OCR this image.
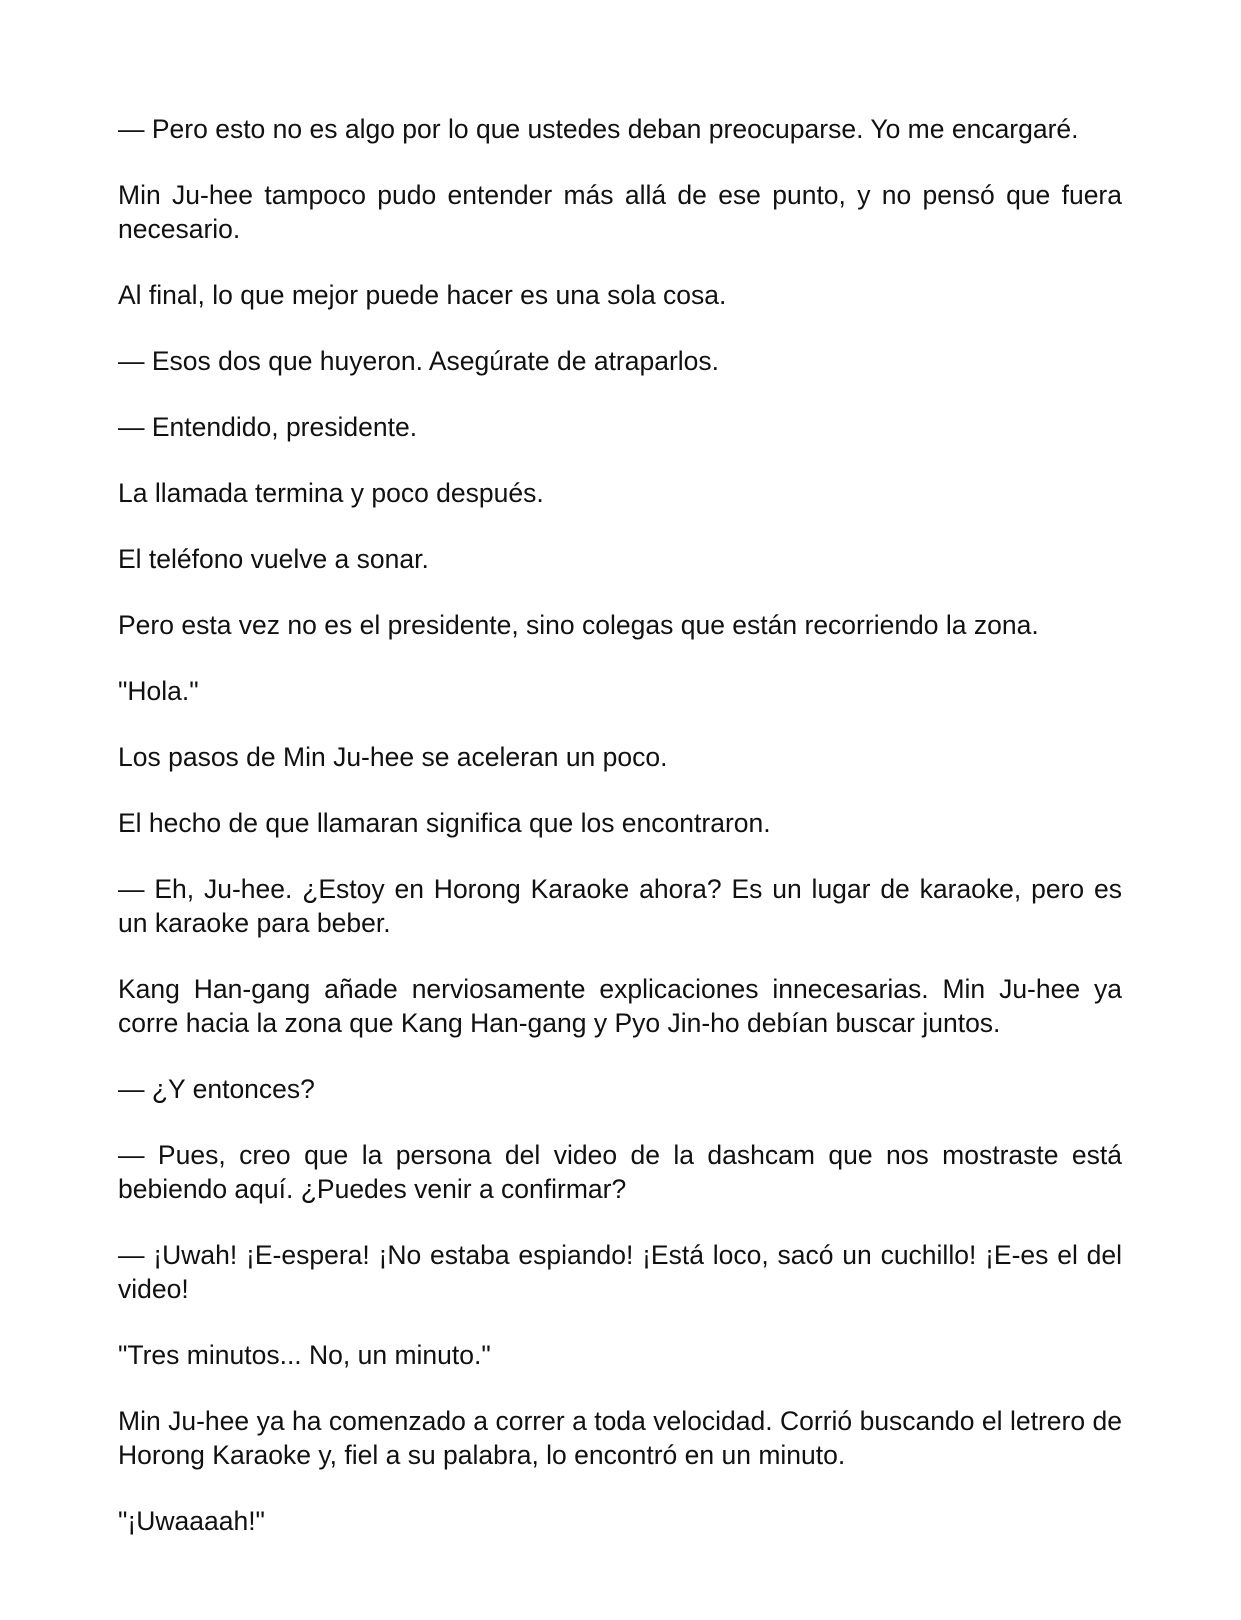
— Pero esto no es algo por lo que ustedes deban preocuparse. Yo me encargaré.

Min Ju-hee tampoco pudo entender más allá de ese punto, y no pensó que fuera necesario.

Al final, lo que mejor puede hacer es una sola cosa.

— Esos dos que huyeron. Asegúrate de atraparlos.

— Entendido, presidente.

La llamada termina y poco después.

El teléfono vuelve a sonar.

Pero esta vez no es el presidente, sino colegas que están recorriendo la zona.

"Hola."

Los pasos de Min Ju-hee se aceleran un poco.

El hecho de que llamaran significa que los encontraron.

— Eh, Ju-hee. ¿Estoy en Horong Karaoke ahora? Es un lugar de karaoke, pero es un karaoke para beber.

Kang Han-gang añade nerviosamente explicaciones innecesarias. Min Ju-hee ya corre hacia la zona que Kang Han-gang y Pyo Jin-ho debían buscar juntos.

— ¿Y entonces?

— Pues, creo que la persona del video de la dashcam que nos mostraste está bebiendo aquí. ¿Puedes venir a confirmar?

— ¡Uwah! ¡E-espera! ¡No estaba espiando! ¡Está loco, sacó un cuchillo! ¡E-es el del video!

"Tres minutos... No, un minuto."

Min Ju-hee ya ha comenzado a correr a toda velocidad. Corrió buscando el letrero de Horong Karaoke y, fiel a su palabra, lo encontró en un minuto.

"¡Uwaaaah!"
